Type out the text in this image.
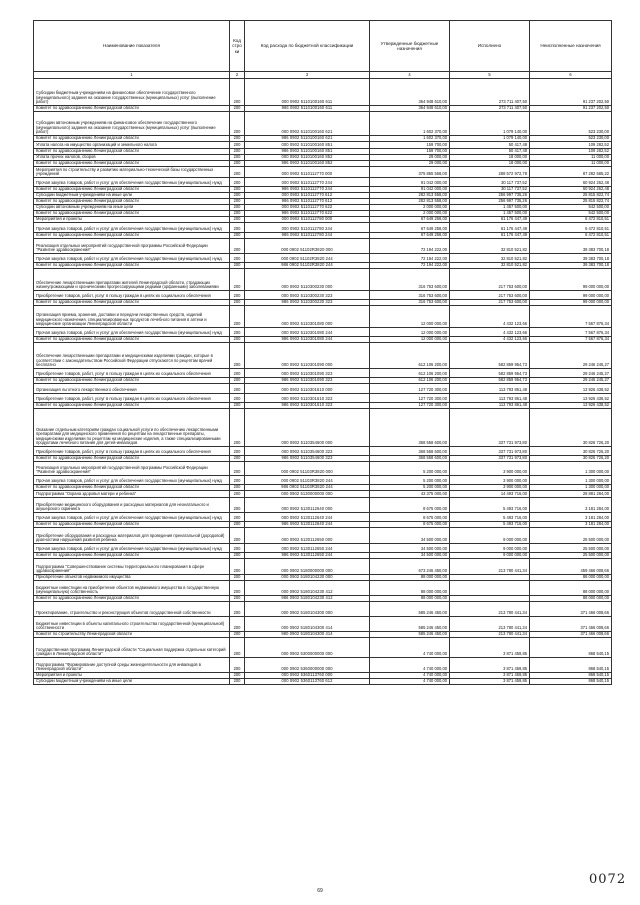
Наименование показателя	Код стро ки	Код расхода по бюджетной классификации	Утвержденные бюджетные назначения	Исполнено	Неисполненные назначения
1	2	3	4	5	6
Субсидии бюджетным учреждениям на финансовое обеспечение государственного (муниципального) задания на оказание государственных (муниципальных) услуг (выполнение работ)	200	000 0902 5110100160 611	364 948 610,00	273 711 407,50	91 237 202,50
Комитет по здравоохранению Ленинградской области	200	986 0902 5110100160 611	364 948 610,00	273 711 407,50	91 237 202,50
Субсидии автономным учреждениям на финансовое обеспечение государственного (муниципального) задания на оказание государственных (муниципальных) услуг (выполнение работ)	200	000 0902 5110100160 621	1 602 370,00	1 079 140,00	523 230,00
Комитет по здравоохранению Ленинградской области	200	986 0902 5110100160 621	1 602 370,00	1 079 140,00	523 230,00
Уплата налога на имущество организаций и земельного налога	200	000 0902 5110100160 851	159 700,00	50 417,48	109 282,52
Комитет по здравоохранению Ленинградской области	200	986 0902 5110100160 851	159 700,00	50 417,48	109 282,52
Уплата прочих налогов, сборов	200	000 0902 5110100160 852	29 000,00	18 000,00	11 000,00
Комитет по здравоохранению Ленинградской области	200	986 0902 5110100160 852	29 000,00	18 000,00	11 000,00
Мероприятия по строительству и развитию материально-технической базы государственных учреждений	200	000 0902 5110112770 000	375 855 558,00	288 572 972,78	87 282 585,22
Прочая закупка товаров, работ и услуг для обеспечения государственных (муниципальных) нужд	200	000 0902 5110112770 244	91 042 000,00	30 117 737,52	60 924 262,48
Комитет по здравоохранению Ленинградской области	200	986 0902 5110112770 244	91 042 000,00	30 117 737,52	60 924 262,48
Субсидии бюджетным учреждениям на иные цели	200	000 0902 5110112770 612	282 813 558,00	256 997 735,26	25 815 822,74
Комитет по здравоохранению Ленинградской области	200	986 0902 5110112770 612	282 813 558,00	256 997 735,26	25 815 822,74
Субсидии автономным учреждениям на иные цели	200	000 0902 5110112770 622	2 000 000,00	1 457 500,00	542 500,00
Комитет по здравоохранению Ленинградской области	200	986 0902 5110112770 622	2 000 000,00	1 457 500,00	542 500,00
Мероприятия и проекты	200	000 0902 5110112780 000	67 649 258,00	61 176 447,49	6 472 810,51
Прочая закупка товаров, работ и услуг для обеспечения государственных (муниципальных) нужд	200	000 0902 5110112780 244	67 649 258,00	61 176 447,49	6 472 810,51
Комитет по здравоохранению Ленинградской области	200	986 0902 5110112780 244	67 649 258,00	61 176 447,49	6 472 810,51
Реализация отдельных мероприятий государственной программы Российской Федерации "Развитие здравоохранения"	200	000 0902 51102R3820 000	72 194 222,00	32 810 521,82	39 383 700,18
Прочая закупка товаров, работ и услуг для обеспечения государственных (муниципальных) нужд	200	000 0902 51102R3820 244	72 194 222,00	32 810 521,82	39 383 700,18
Комитет по здравоохранению Ленинградской области	200	986 0902 51102R3820 244	72 194 222,00	32 810 521,82	39 383 700,18
Обеспечение лекарственными препаратами жителей Ленинградской области, страдающих жизнеугрожающими и хроническими прогрессирующими редкими (орфанными) заболеваниями	200	000 0902 5110300230 000	316 753 600,00	217 753 600,00	99 000 000,00
Приобретение товаров, работ, услуг в пользу граждан в целях их социального обеспечения	200	000 0902 5110300230 323	316 753 600,00	217 753 600,00	99 000 000,00
Комитет по здравоохранению Ленинградской области	200	986 0902 5110300230 323	316 753 600,00	217 753 600,00	99 000 000,00
Организация приема, хранения, доставки и передачи лекарственных средств, изделий медицинского назначения, специализированных продуктов лечебного питания в аптеки и медицинские организации Ленинградской области	200	000 0902 5110301080 000	12 000 000,00	4 432 123,66	7 567 876,34
Прочая закупка товаров, работ и услуг для обеспечения государственных (муниципальных) нужд	200	000 0902 5110301080 244	12 000 000,00	4 432 123,66	7 567 876,34
Комитет по здравоохранению Ленинградской области	200	986 0902 5110301080 244	12 000 000,00	4 432 123,66	7 567 876,34
Обеспечение лекарственными препаратами и медицинскими изделиями граждан, которые в соответствии с законодательством Российской Федерации отпускаются по рецептам врачей бесплатно	200	000 0902 5110301090 000	612 106 200,00	582 859 954,73	29 246 245,27
Приобретение товаров, работ, услуг в пользу граждан в целях их социального обеспечения	200	000 0902 5110301090 323	612 106 200,00	582 859 954,73	29 246 245,27
Комитет по здравоохранению Ленинградской области	200	986 0902 5110301090 323	612 106 200,00	582 859 954,73	29 246 245,27
Организация льготного лекарственного обеспечения	200	000 0902 5110301610 000	127 720 300,00	113 793 861,48	13 926 438,52
Приобретение товаров, работ, услуг в пользу граждан в целях их социального обеспечения	200	000 0902 5110301610 323	127 720 300,00	113 793 861,48	13 926 438,52
Комитет по здравоохранению Ленинградской области	200	986 0902 5110301610 323	127 720 300,00	113 793 861,48	13 926 438,52
Оказание отдельным категориям граждан социальной услуги по обеспечению лекарственными препаратами для медицинского применения по рецептам на лекарственные препараты, медицинскими изделиями по рецептам на медицинские изделия, а также специализированными продуктами лечебного питания для детей-инвалидов	200	000 0902 5110354600 000	368 558 600,00	337 731 973,80	30 826 726,20
Приобретение товаров, работ, услуг в пользу граждан в целях их социального обеспечения	200	000 0902 5110354600 323	368 558 600,00	337 731 973,80	30 826 726,20
Комитет по здравоохранению Ленинградской области	200	986 0902 5110354600 323	368 558 600,00	337 731 973,80	30 826 726,20
Реализация отдельных мероприятий государственной программы Российской Федерации "Развитие здравоохранения"	200	000 0902 51103R3820 000	5 200 000,00	3 900 000,00	1 300 000,00
Прочая закупка товаров, работ и услуг для обеспечения государственных (муниципальных) нужд	200	000 0902 51103R3820 244	5 200 000,00	3 900 000,00	1 300 000,00
Комитет по здравоохранению Ленинградской области	200	986 0902 51103R3820 244	5 200 000,00	3 900 000,00	1 300 000,00
Подпрограмма "Охрана здоровья матери и ребенка"	200	000 0902 5130000000 000	43 375 000,00	14 493 716,00	28 881 284,00
Приобретение медицинского оборудования и расходных материалов для неонатального и акушерского скрининга	200	000 0902 5130112640 000	8 675 000,00	5 493 716,00	3 181 284,00
Прочая закупка товаров, работ и услуг для обеспечения государственных (муниципальных) нужд	200	000 0902 5130112640 244	8 675 000,00	5 493 716,00	3 181 284,00
Комитет по здравоохранению Ленинградской области	200	986 0902 5130112640 244	8 675 000,00	5 493 716,00	3 181 284,00
Приобретение оборудования и расходных материалов для проведения пренатальной (дородовой) диагностики нарушений развития ребенка	200	000 0902 5130112650 000	34 500 000,00	9 000 000,00	25 500 000,00
Прочая закупка товаров, работ и услуг для обеспечения государственных (муниципальных) нужд	200	000 0902 5130112650 244	34 500 000,00	9 000 000,00	25 500 000,00
Комитет по здравоохранению Ленинградской области	200	986 0902 5130112650 244	34 500 000,00	9 000 000,00	25 500 000,00
Подпрограмма "Совершенствование системы территориального планирования в сфере здравоохранения"	200	000 0902 5180000000 000	673 246 450,00	213 780 441,34	459 466 008,66
Приобретение объектов недвижимого имущества	200	000 0902 5180104230 000	88 000 000,00		88 000 000,00
Бюджетные инвестиции на приобретение объектов недвижимого имущества в государственную (муниципальную) собственность	200	000 0902 5180104230 412	88 000 000,00		88 000 000,00
Комитет по здравоохранению Ленинградской области	200	986 0902 5180104230 412	88 000 000,00		88 000 000,00
Проектирование, строительство и реконструкция объектов государственной собственности	200	000 0902 5180104300 000	585 246 450,00	213 780 441,34	371 466 008,66
Бюджетные инвестиции в объекты капитального строительства государственной (муниципальной) собственности	200	000 0902 5180104300 414	585 246 450,00	213 780 441,34	371 466 008,66
Комитет по строительству Ленинградской области	200	980 0902 5180104300 414	585 246 450,00	213 780 441,34	371 466 008,66
Государственная программа Ленинградской области "Социальная поддержка отдельных категорий граждан в Ленинградской области"	200	000 0902 5300000000 000	4 740 000,00	3 871 459,85	868 540,15
Подпрограмма "Формирование доступной среды жизнедеятельности для инвалидов в Ленинградской области"	200	000 0902 5360000000 000	4 740 000,00	3 871 459,85	868 540,15
Мероприятия и проекты	200	000 0902 5360113760 000	4 740 000,00	3 871 459,85	868 540,15
Субсидии бюджетным учреждениям на иные цели	200	000 0902 5360113760 612	4 740 000,00	3 871 459,85	868 540,15
69
0072
